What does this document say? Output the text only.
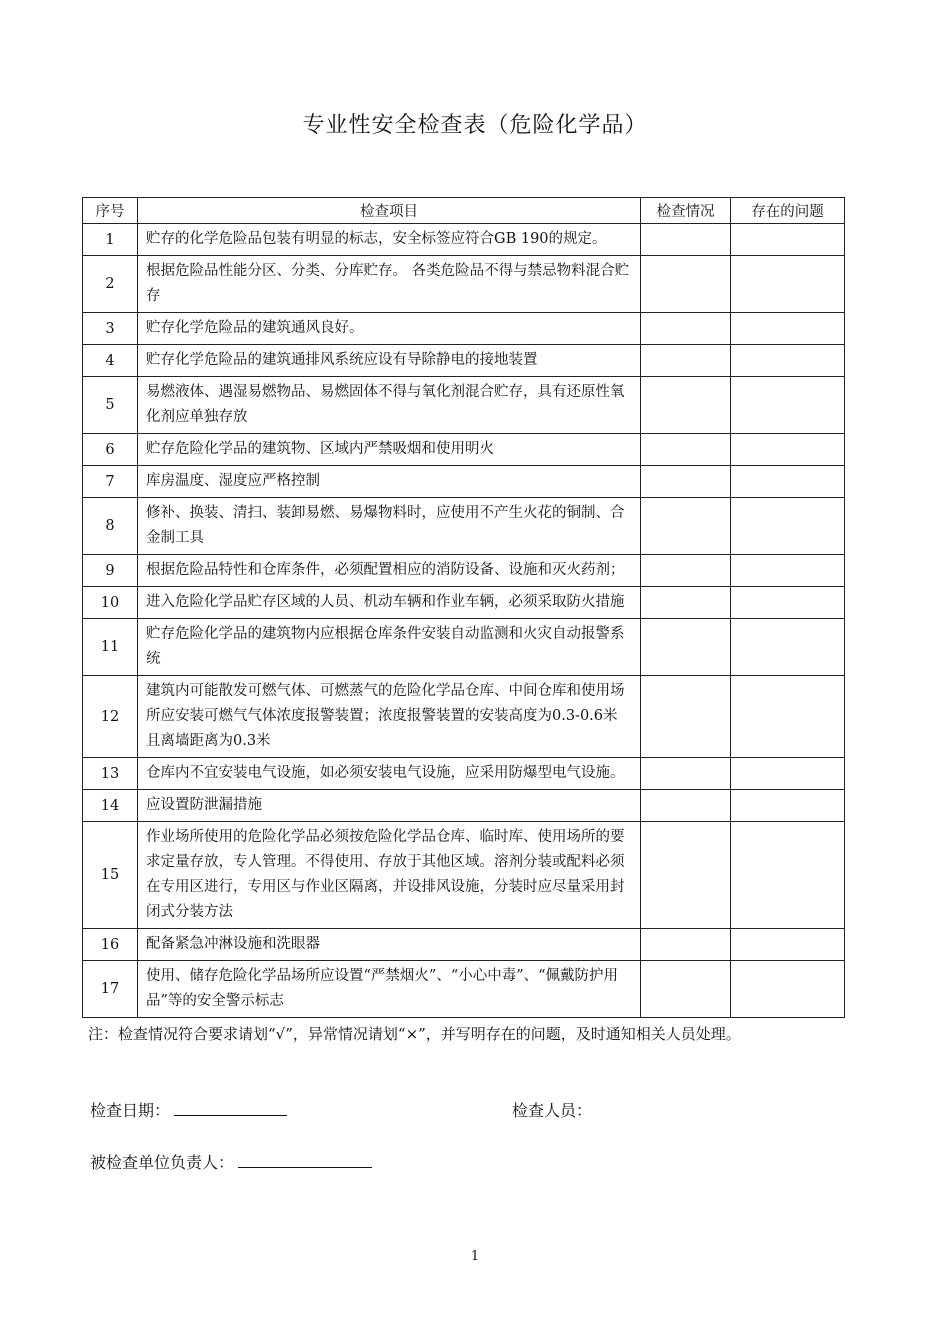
专业性安全检查表（危险化学品）
序号	检查项目	检查情况	存在的问题
1	贮存的化学危险品包装有明显的标志，安全标签应符合GB 190的规定。		
2	根据危险品性能分区、分类、分库贮存。 各类危险品不得与禁忌物料混合贮存		
3	贮存化学危险品的建筑通风良好。		
4	贮存化学危险品的建筑通排风系统应设有导除静电的接地装置		
5	易燃液体、遇湿易燃物品、易燃固体不得与氧化剂混合贮存，具有还原性氧化剂应单独存放		
6	贮存危险化学品的建筑物、区域内严禁吸烟和使用明火		
7	库房温度、湿度应严格控制		
8	修补、换装、清扫、装卸易燃、易爆物料时，应使用不产生火花的铜制、合金制工具		
9	根据危险品特性和仓库条件，必须配置相应的消防设备、设施和灭火药剂；		
10	进入危险化学品贮存区域的人员、机动车辆和作业车辆，必须采取防火措施		
11	贮存危险化学品的建筑物内应根据仓库条件安装自动监测和火灾自动报警系统		
12	建筑内可能散发可燃气体、可燃蒸气的危险化学品仓库、中间仓库和使用场所应安装可燃气气体浓度报警装置；浓度报警装置的安装高度为0.3-0.6米且离墙距离为0.3米		
13	仓库内不宜安装电气设施，如必须安装电气设施，应采用防爆型电气设施。		
14	应设置防泄漏措施		
15	作业场所使用的危险化学品必须按危险化学品仓库、临时库、使用场所的要求定量存放，专人管理。不得使用、存放于其他区域。溶剂分装或配料必须在专用区进行，专用区与作业区隔离，并设排风设施，分装时应尽量采用封闭式分装方法		
16	配备紧急冲淋设施和洗眼器		
17	使用、储存危险化学品场所应设置“严禁烟火”、“小心中毒”、“佩戴防护用品”等的安全警示标志		
注：检查情况符合要求请划“√”，异常情况请划“×”，并写明存在的问题，及时通知相关人员处理。
检查日期：	检查人员：
被检查单位负责人：
1
